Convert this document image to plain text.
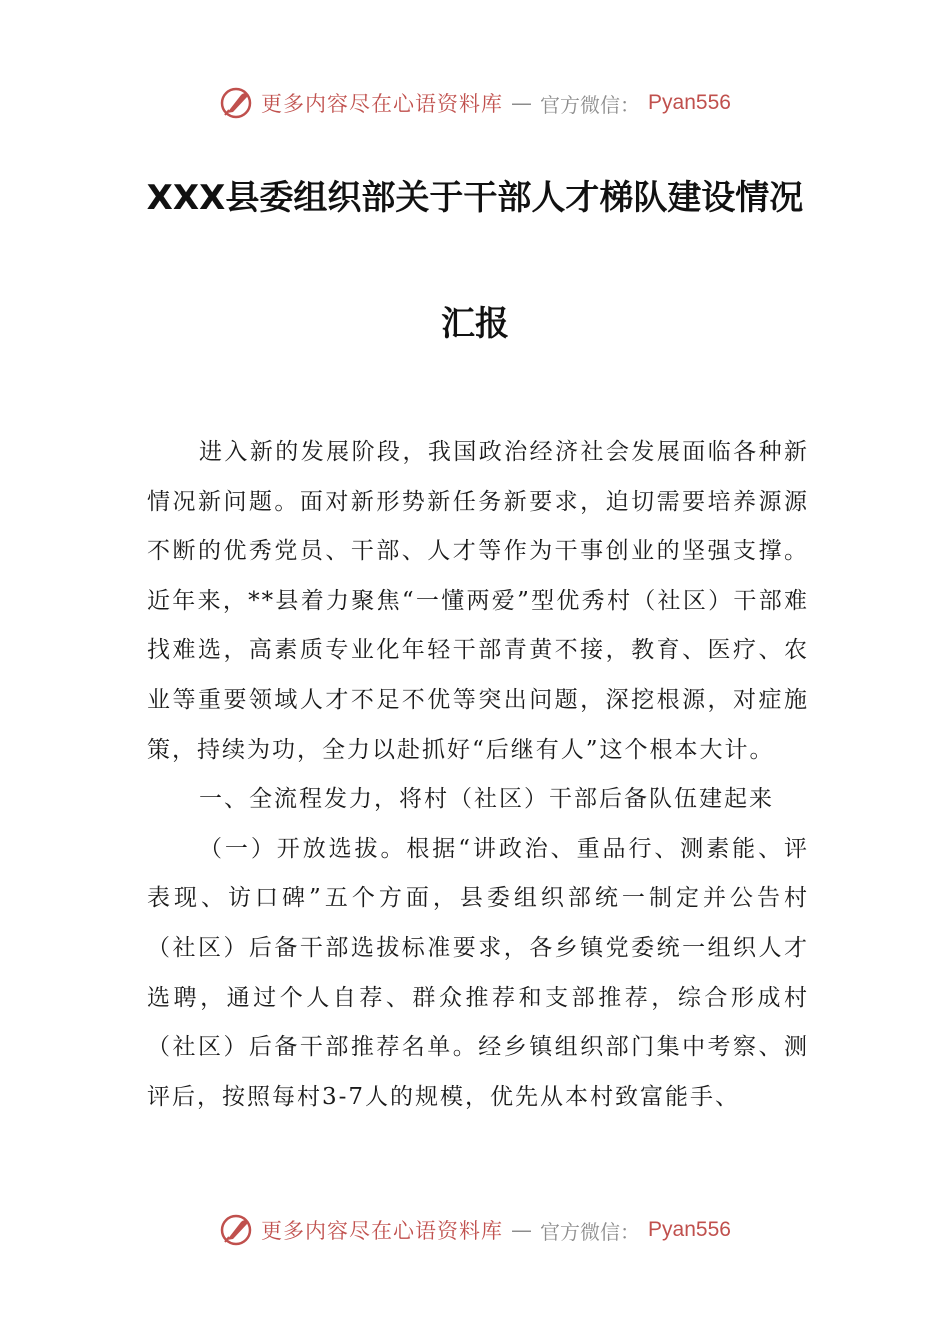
更多内容尽在心语资料库 — 官方微信： Pyan556
XXX县委组织部关于干部人才梯队建设情况
汇报

进入新的发展阶段，我国政治经济社会发展面临各种新情况新问题。面对新形势新任务新要求，迫切需要培养源源不断的优秀党员、干部、人才等作为干事创业的坚强支撑。近年来，**县着力聚焦“一懂两爱”型优秀村（社区）干部难找难选，高素质专业化年轻干部青黄不接，教育、医疗、农业等重要领域人才不足不优等突出问题，深挖根源，对症施策，持续为功，全力以赴抓好“后继有人”这个根本大计。

一、全流程发力，将村（社区）干部后备队伍建起来

（一）开放选拔。根据“讲政治、重品行、测素能、评表现、访口碑”五个方面，县委组织部统一制定并公告村（社区）后备干部选拔标准要求，各乡镇党委统一组织人才选聘，通过个人自荐、群众推荐和支部推荐，综合形成村（社区）后备干部推荐名单。经乡镇组织部门集中考察、测评后，按照每村3-7人的规模，优先从本村致富能手、

更多内容尽在心语资料库 — 官方微信： Pyan556
